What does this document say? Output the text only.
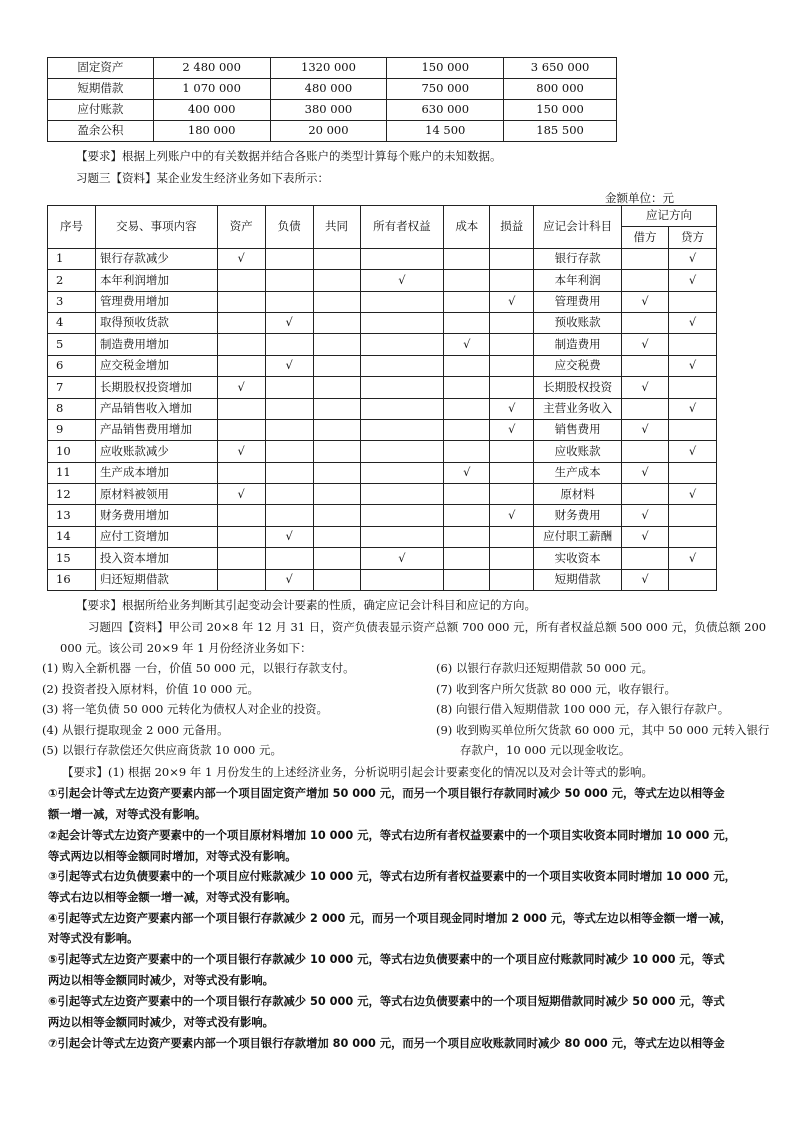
固定资产	2 480 000	1320 000	150 000	3 650 000
短期借款	1 070 000	480 000	750 000	800 000
应付账款	400 000	380 000	630 000	150 000
盈余公积	180 000	20 000	14 500	185 500
【要求】根据上列账户中的有关数据并结合各账户的类型计算每个账户的未知数据。
习题三【资料】某企业发生经济业务如下表所示：
金额单位：元
序号	交易、事项内容	资产	负债	共同	所有者权益	成本	损益	应记会计科目	应记方向	
									借方	贷方
1	银行存款减少	√						银行存款		√
2	本年利润增加				√			本年利润		√
3	管理费用增加						√	管理费用	√	
4	取得预收货款		√					预收账款		√
5	制造费用增加					√		制造费用	√	
6	应交税金增加		√					应交税费		√
7	长期股权投资增加	√						长期股权投资	√	
8	产品销售收入增加						√	主营业务收入		√
9	产品销售费用增加						√	销售费用	√	
10	应收账款减少	√						应收账款		√
11	生产成本增加					√		生产成本	√	
12	原材料被领用	√						原材料		√
13	财务费用增加						√	财务费用	√	
14	应付工资增加		√					应付职工薪酬	√	
15	投入资本增加				√			实收资本		√
16	归还短期借款		√					短期借款	√	
【要求】根据所给业务判断其引起变动会计要素的性质，确定应记会计科目和应记的方向。
习题四【资料】甲公司 20×8 年 12 月 31 日，资产负债表显示资产总额 700 000 元，所有者权益总额 500 000 元，负债总额 200
000 元。该公司 20×9 年 1 月份经济业务如下：
(1) 购入全新机器 一台，价值 50 000 元，以银行存款支付。
(2) 投资者投入原材料，价值 10 000 元。
(3) 将一笔负债 50 000 元转化为债权人对企业的投资。
(4) 从银行提取现金 2 000 元备用。
(5) 以银行存款偿还欠供应商货款 10 000 元。
(6) 以银行存款归还短期借款 50 000 元。
(7) 收到客户所欠货款 80 000 元，收存银行。
(8) 向银行借入短期借款 100 000 元，存入银行存款户。
(9) 收到购买单位所欠货款 60 000 元，其中 50 000 元转入银行
存款户，10 000 元以现金收讫。
【要求】(1) 根据 20×9 年 1 月份发生的上述经济业务，分析说明引起会计要素变化的情况以及对会计等式的影响。
①引起会计等式左边资产要素内部一个项目固定资产增加 50 000 元，而另一个项目银行存款同时减少 50 000 元，等式左边以相等金
额一增一减，对等式没有影响。
②起会计等式左边资产要素中的一个项目原材料增加 10 000 元，等式右边所有者权益要素中的一个项目实收资本同时增加 10 000 元，
等式两边以相等金额同时增加，对等式没有影响。
③引起等式右边负债要素中的一个项目应付账款减少 10 000 元，等式右边所有者权益要素中的一个项目实收资本同时增加 10 000 元，
等式右边以相等金额一增一减，对等式没有影响。
④引起等式左边资产要素内部一个项目银行存款减少 2 000 元，而另一个项目现金同时增加 2 000 元，等式左边以相等金额一增一减，
对等式没有影响。
⑤引起等式左边资产要素中的一个项目银行存款减少 10 000 元，等式右边负债要素中的一个项目应付账款同时减少 10 000 元，等式
两边以相等金额同时减少，对等式没有影响。
⑥引起等式左边资产要素中的一个项目银行存款减少 50 000 元，等式右边负债要素中的一个项目短期借款同时减少 50 000 元，等式
两边以相等金额同时减少，对等式没有影响。
⑦引起会计等式左边资产要素内部一个项目银行存款增加 80 000 元，而另一个项目应收账款同时减少 80 000 元，等式左边以相等金
